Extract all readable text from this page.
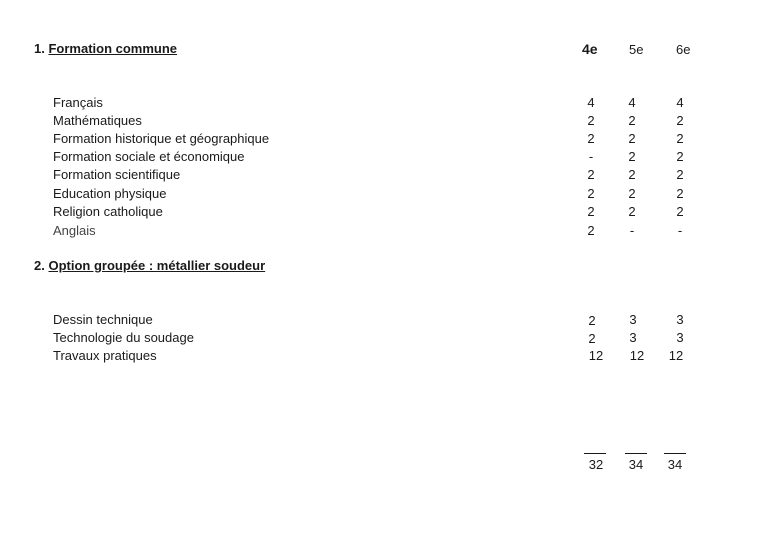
1. Formation commune	4e 5e	6e
Français	4	4	4
Mathématiques	2	2	2
Formation historique et géographique	2	2	2
Formation sociale et économique	-	2	2
Formation scientifique	2	2	2
Education physique	2	2	2
Religion catholique	2	2	2
Anglais	2	-	-
2. Option groupée : métallier soudeur
Dessin technique	2	3	3
Technologie du soudage	2	3	3
Travaux pratiques	12	12	12
32	34	34
